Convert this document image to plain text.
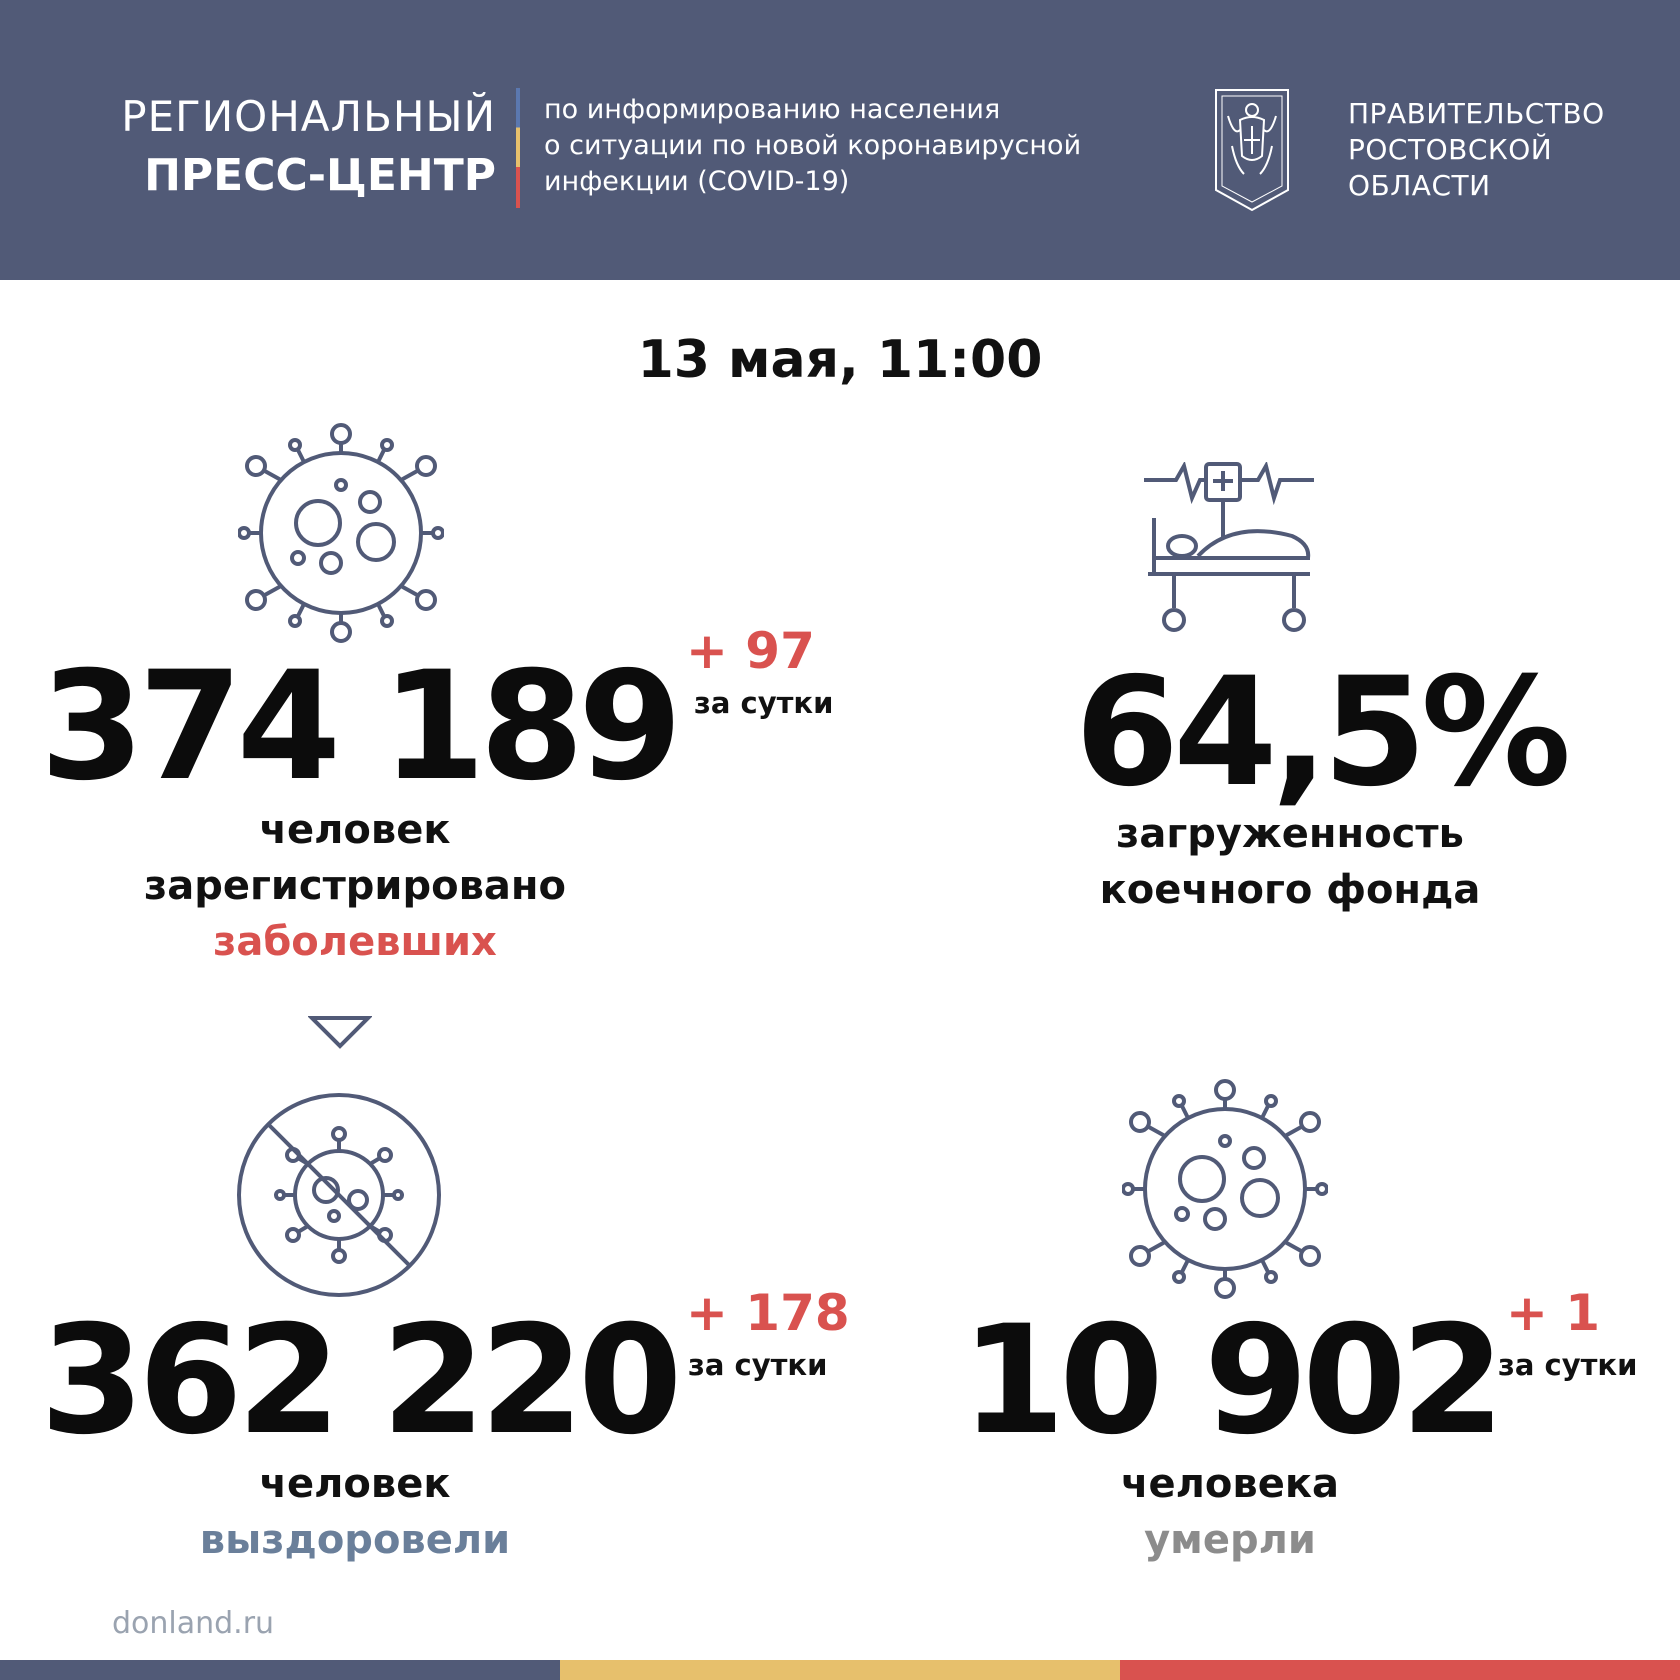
РЕГИОНАЛЬНЫЙ
ПРЕСС-ЦЕНТР
по информированию населения
о ситуации по новой коронавирусной
инфекции (COVID-19)
ПРАВИТЕЛЬСТВО
РОСТОВСКОЙ
ОБЛАСТИ
13 мая, 11:00
374 189 + 97
за сутки
человек
зарегистрировано
заболевших
64,5%
загруженность
коечного фонда
362 220 + 178
за сутки
человек
выздоровели
10 902 + 1
за сутки
человека
умерли
donland.ru
